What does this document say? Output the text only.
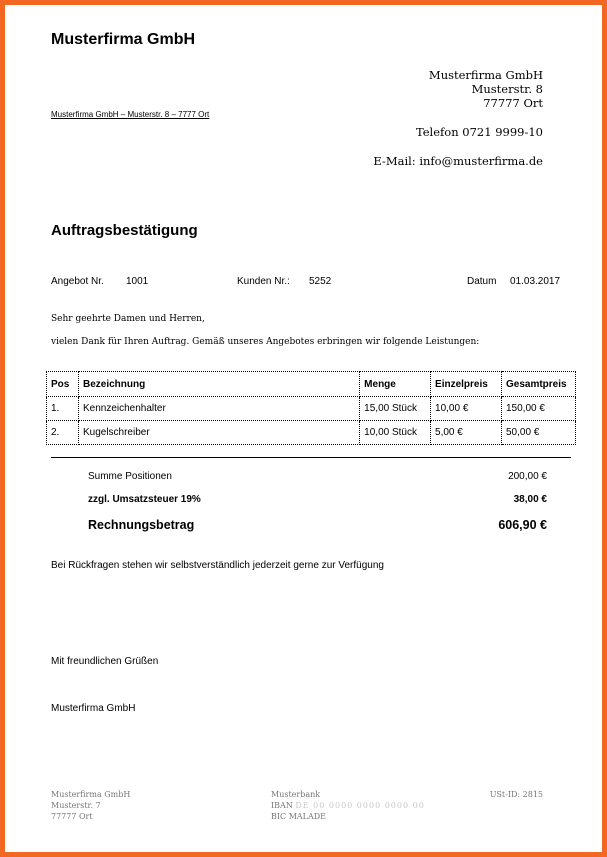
Musterfirma GmbH
Musterfirma GmbH
Musterstr. 8
77777 Ort
Musterfirma GmbH – Musterstr. 8 – 7777 Ort
Telefon 0721 9999-10
E-Mail: info@musterfirma.de
Auftragsbestätigung
Angebot Nr. 1001	Kunden Nr.: 5252	Datum 01.03.2017
Sehr geehrte Damen und Herren,
vielen Dank für Ihren Auftrag. Gemäß unseres Angebotes erbringen wir folgende Leistungen:
Pos	Bezeichnung	Menge	Einzelpreis	Gesamtpreis
1.	Kennzeichenhalter	15,00 Stück	10,00 €	150,00 €
2.	Kugelschreiber	10,00 Stück	5,00 €	50,00 €
Summe Positionen	200,00 €
zzgl. Umsatzsteuer 19%	38,00 €
Rechnungsbetrag	606,90 €
Bei Rückfragen stehen wir selbstverständlich jederzeit gerne zur Verfügung
Mit freundlichen Grüßen
Musterfirma GmbH
Musterfirma GmbH
Musterstr. 7
77777 Ort
Musterbank
IBAN DE 00 0000 0000 0000 00
BIC MALADE
USt-ID: 2815
